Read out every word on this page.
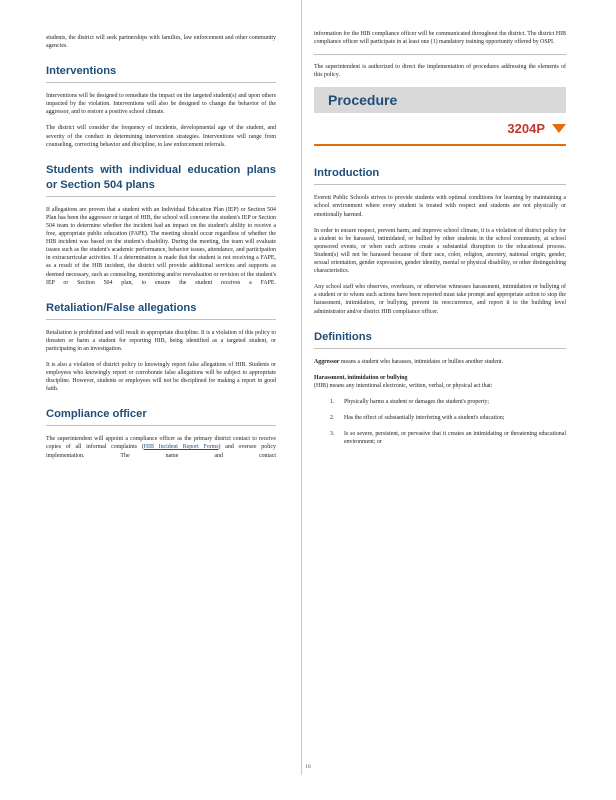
students, the district will seek partnerships with families, law enforcement and other community agencies.

Interventions

Interventions will be designed to remediate the impact on the targeted student(s) and upon others impacted by the violation. Interventions will also be designed to change the behavior of the aggressor, and to restore a positive school climate.

The district will consider the frequency of incidents, developmental age of the student, and severity of the conduct in determining intervention strategies. Interventions will range from counseling, correcting behavior and discipline, to law enforcement referrals.

Students with individual education plans or Section 504 plans

If allegations are proven that a student with an Individual Education Plan (IEP) or Section 504 Plan has been the aggressor or target of HIB, the school will convene the student's IEP or Section 504 team to determine whether the incident had an impact on the student's ability to receive a free, appropriate public education (FAPE). The meeting should occur regardless of whether the HIB incident was based on the student's disability. During the meeting, the team will evaluate issues such as the student's academic performance, behavior issues, attendance, and participation in extracurricular activities. If a determination is made that the student is not receiving a FAPE, as a result of the HIB incident, the district will provide additional services and supports as deemed necessary, such as counseling, monitoring and/or reevaluation or revision of the student's IEP or Section 504 plan, to ensure the student receives a FAPE.

Retaliation/False allegations

Retaliation is prohibited and will result in appropriate discipline. It is a violation of this policy to threaten or harm a student for reporting HIB, being identified as a targeted student, or participating in an investigation.

It is also a violation of district policy to knowingly report false allegations of HIB. Students or employees who knowingly report or corroborate false allegations will be subject to appropriate discipline. However, students or employees will not be disciplined for making a report in good faith.

Compliance officer

The superintendent will appoint a compliance officer as the primary district contact to receive copies of all informal complaints (HIB Incident Report Forms) and oversee policy implementation. The name and contact

information for the HIB compliance officer will be communicated throughout the district. The district HIB compliance officer will participate in at least one (1) mandatory training opportunity offered by OSPI.

The superintendent is authorized to direct the implementation of procedures addressing the elements of this policy.

Procedure
3204P
Introduction

Everett Public Schools strives to provide students with optimal conditions for learning by maintaining a school environment where every student is treated with respect and students are not physically or emotionally harmed.

In order to ensure respect, prevent harm, and improve school climate, it is a violation of district policy for a student to be harassed, intimidated, or bullied by other students in the school community, at school sponsored events, or when such actions create a substantial disruption to the educational process. Student(s) will not be harassed because of their race, color, religion, ancestry, national origin, gender, sexual orientation, gender expression, gender identity, mental or physical disability, or other distinguishing characteristics.

Any school staff who observes, overhears, or otherwise witnesses harassment, intimidation or bullying of a student or to whom such actions have been reported must take prompt and appropriate action to stop the harassment, intimidation, or bullying, prevent its reoccurrence, and report it to the building level administrator and/or district HIB compliance officer.

Definitions

Aggressor means a student who harasses, intimidates or bullies another student.

Harassment, intimidation or bullying

(HIB) means any intentional electronic, written, verbal, or physical act that:

1.	Physically harms a student or damages the student's property;

2.	Has the effect of substantially interfering with a student's education;

3.	Is so severe, persistent, or pervasive that it creates an intimidating or threatening educational environment; or

18
